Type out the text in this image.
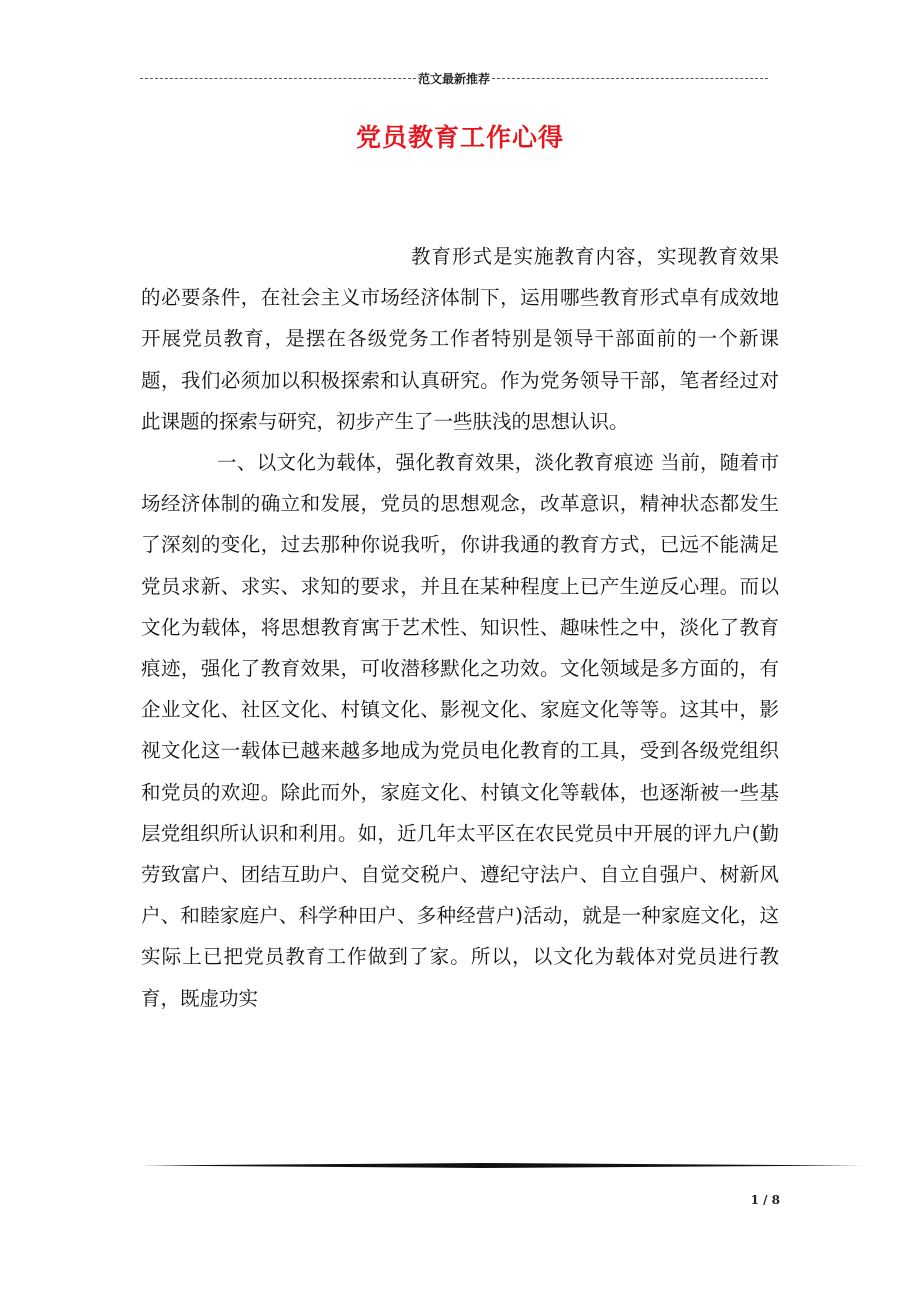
范文最新推荐
党员教育工作心得

教育形式是实施教育内容，实现教育效果的必要条件，在社会主义市场经济体制下，运用哪些教育形式卓有成效地开展党员教育，是摆在各级党务工作者特别是领导干部面前的一个新课题，我们必须加以积极探索和认真研究。作为党务领导干部，笔者经过对此课题的探索与研究，初步产生了一些肤浅的思想认识。

一、以文化为载体，强化教育效果，淡化教育痕迹 当前，随着市场经济体制的确立和发展，党员的思想观念，改革意识，精神状态都发生了深刻的变化，过去那种你说我听，你讲我通的教育方式，已远不能满足党员求新、求实、求知的要求，并且在某种程度上已产生逆反心理。而以文化为载体，将思想教育寓于艺术性、知识性、趣味性之中，淡化了教育痕迹，强化了教育效果，可收潜移默化之功效。文化领域是多方面的，有企业文化、社区文化、村镇文化、影视文化、家庭文化等等。这其中，影视文化这一载体已越来越多地成为党员电化教育的工具，受到各级党组织和党员的欢迎。除此而外，家庭文化、村镇文化等载体，也逐渐被一些基层党组织所认识和利用。如，近几年太平区在农民党员中开展的评九户(勤劳致富户、团结互助户、自觉交税户、遵纪守法户、自立自强户、树新风户、和睦家庭户、科学种田户、多种经营户)活动，就是一种家庭文化，这实际上已把党员教育工作做到了家。所以，以文化为载体对党员进行教育，既虚功实

1 / 8
